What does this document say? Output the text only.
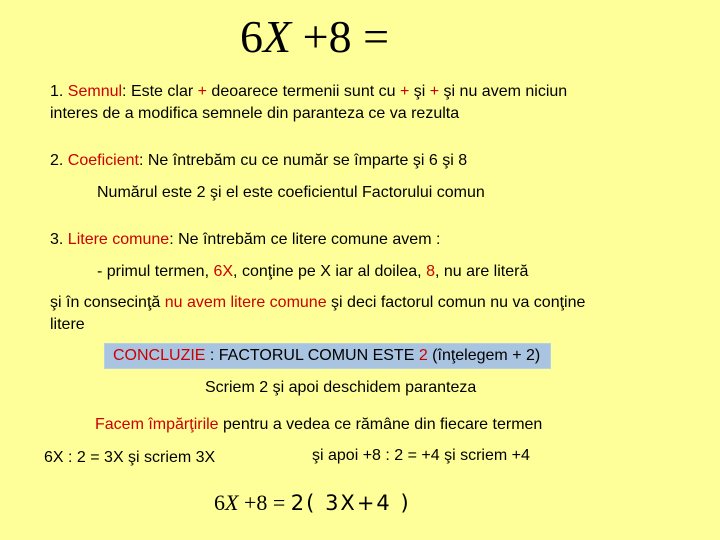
6X +8 =
1. Semnul: Este clar + deoarece termenii sunt cu + şi + şi nu avem niciun
interes de a modifica semnele din paranteza ce va rezulta
2. Coeficient: Ne întrebăm cu ce număr se împarte şi 6 şi 8
Numărul este 2 şi el este coeficientul Factorului comun
3. Litere comune: Ne întrebăm ce litere comune avem :
- primul termen, 6X, conţine pe X iar al doilea, 8, nu are literă
şi în consecinţă nu avem litere comune şi deci factorul comun nu va conţine
litere
CONCLUZIE : FACTORUL COMUN ESTE 2 (înţelegem + 2)
Scriem 2 şi apoi deschidem paranteza
Facem împărţirile pentru a vedea ce rămâne din fiecare termen
6X : 2 = 3X şi scriem 3X	şi apoi +8 : 2 = +4 şi scriem +4
6X +8 = 2( 3X+4 )
